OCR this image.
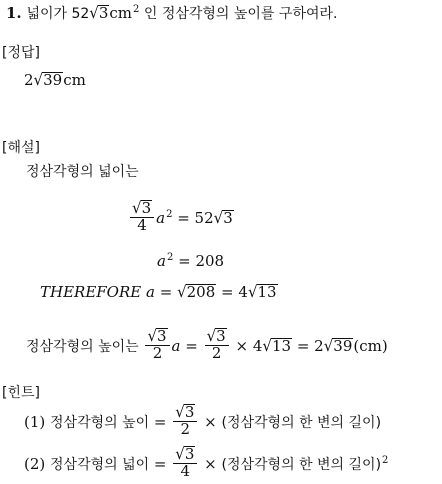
1. 넓이가 $52√3cm^2$ 인 정삼각형의 높이를 구하여라.
[정답]
2√39cm
[해설]
정삼각형의 넓이는
$\frac{√3}{4} a^2 = 52√3$
$a^2 = 208$
THEREFORE a = √208 = 4√13
정삼각형의 높이는 $\frac{√3}{2}$ $a = \frac{√3}{2} \times 4√13 = 2√39(cm)$
[힌트]
(1) 정삼각형의 높이 = $\frac{√3}{2}$ × (정삼각형의 한 변의 길이)
(2) 정삼각형의 넓이 = $\frac{√3}{4}$ × (정삼각형의 한 변의 길이)$^2$
